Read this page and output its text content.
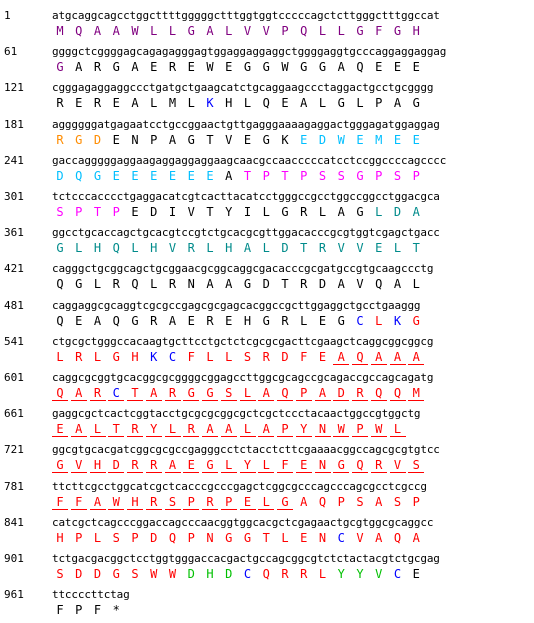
1	atgcaggcagcctggcttttgggggctttggtggtcccccagctcttgggctttggccat
M Q A A W L L G A L V V P Q L L G F G H
61	ggggctcggggagcagagagggagtggaggaggaggctggggaggtgcccaggaggaggag
G A R G A E R E W E G G W G G A Q E E E
121	cgggagaggaggccctgatgctgaagcatctgcaggaagccctaggactgcctgcgggg
R E R E A L M L K H L Q E A L G L P A G
181	aggggggatgagaatcctgccggaactgttgagggaaaagaggactgggagatggaggag
R G D E N P A G T V E G K E D W E M E E
241	gaccagggggaggaagaggaggaggaagcaacgccaacccccatcctccggccccagcccc
D Q G E E E E E E A T P T P S S G P S P
301	tctcccacccctgaggacatcgtcacttacatcctgggccgcctggccggcctggacgca
S P T P E D I V T Y I L G R L A G L D A
361	ggcctgcaccagctgcacgtccgtctgcacgcgttggacacccgcgtggtcgagctgacc
G L H Q L H V R L H A L D T R V V E L T
421	cagggctgcggcagctgcggaacgcggcaggcgacacccgcgatgccgtgcaagccctg
Q G L R Q L R N A A G D T R D A V Q A L
481	caggaggcgcaggtcgcgccgagcgcgagcacggccgcttggaggctgcctgaaggg
Q E A Q G R A E R E H G R L E G C L K G
541	ctgcgctgggccacaagtgcttcctgctctcgcgcgacttcgaagctcaggcggcggcg
L R L G H K C F L L S R D F E A Q A A A
601	caggcgcggtgcacggcgcggggcggagccttggcgcagccgcagaccgccagcagatg
Q A R C T A R G G S L A Q P A D R Q Q M
661	gaggcgctcactcggtacctgcgcgcggcgctcgctccctacaactggccgtggctg
E A L T R Y L R A A L A P Y N W P W L
721	ggcgtgcacgatcggcgcgccgagggcctctacctcttcgaaaacggccagcgcgtgtcc
G V H D R R A E G L Y L F E N G Q R V S
781	ttcttcgcctggcatcgctcacccgcccgagctcggcgcccagcccagcgcctcgccg
F F A W H R S P R P E L G A Q P S A S P
841	catcgctcagcccggaccagcccaacggtggcacgctcgagaactgcgtggcgcaggcc
H P L S P D Q P N G G T L E N C V A Q A
901	tctgacgacggctcctggtgggaccacgactgccagcggcgtctctactacgtctgcgag
S D D G S W W D H D C Q R R L Y Y V C E
961	ttccccttctag
F P F *
